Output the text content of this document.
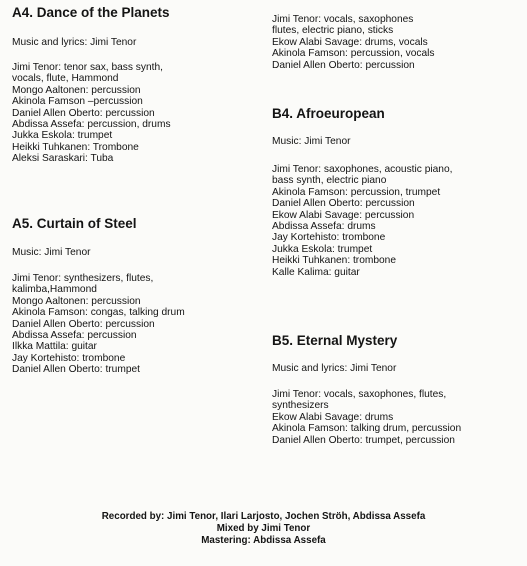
A4. Dance of the Planets
Music and lyrics: Jimi Tenor
Jimi Tenor: tenor sax, bass synth,
vocals, flute, Hammond
Mongo Aaltonen: percussion
Akinola Famson –percussion
Daniel Allen Oberto: percussion
Abdissa Assefa: percussion, drums
Jukka Eskola: trumpet
Heikki Tuhkanen: Trombone
Aleksi Saraskari: Tuba
A5. Curtain of Steel
Music: Jimi Tenor
Jimi Tenor: synthesizers, flutes,
kalimba,Hammond
Mongo Aaltonen: percussion
Akinola Famson: congas, talking drum
Daniel Allen Oberto: percussion
Abdissa Assefa: percussion
Ilkka Mattila: guitar
Jay Kortehisto: trombone
Daniel Allen Oberto: trumpet
Jimi Tenor: vocals, saxophones
flutes, electric piano, sticks
Ekow Alabi Savage: drums, vocals
Akinola Famson: percussion, vocals
Daniel Allen Oberto: percussion
B4. Afroeuropean
Music: Jimi Tenor
Jimi Tenor: saxophones, acoustic piano,
bass synth, electric piano
Akinola Famson: percussion, trumpet
Daniel Allen Oberto: percussion
Ekow Alabi Savage: percussion
Abdissa Assefa: drums
Jay Kortehisto: trombone
Jukka Eskola: trumpet
Heikki Tuhkanen: trombone
Kalle Kalima: guitar
B5. Eternal Mystery
Music and lyrics: Jimi Tenor
Jimi Tenor: vocals, saxophones, flutes,
synthesizers
Ekow Alabi Savage: drums
Akinola Famson: talking drum, percussion
Daniel Allen Oberto: trumpet, percussion
Recorded by: Jimi Tenor, Ilari Larjosto, Jochen Ströh, Abdissa Assefa
Mixed by Jimi Tenor
Mastering: Abdissa Assefa
